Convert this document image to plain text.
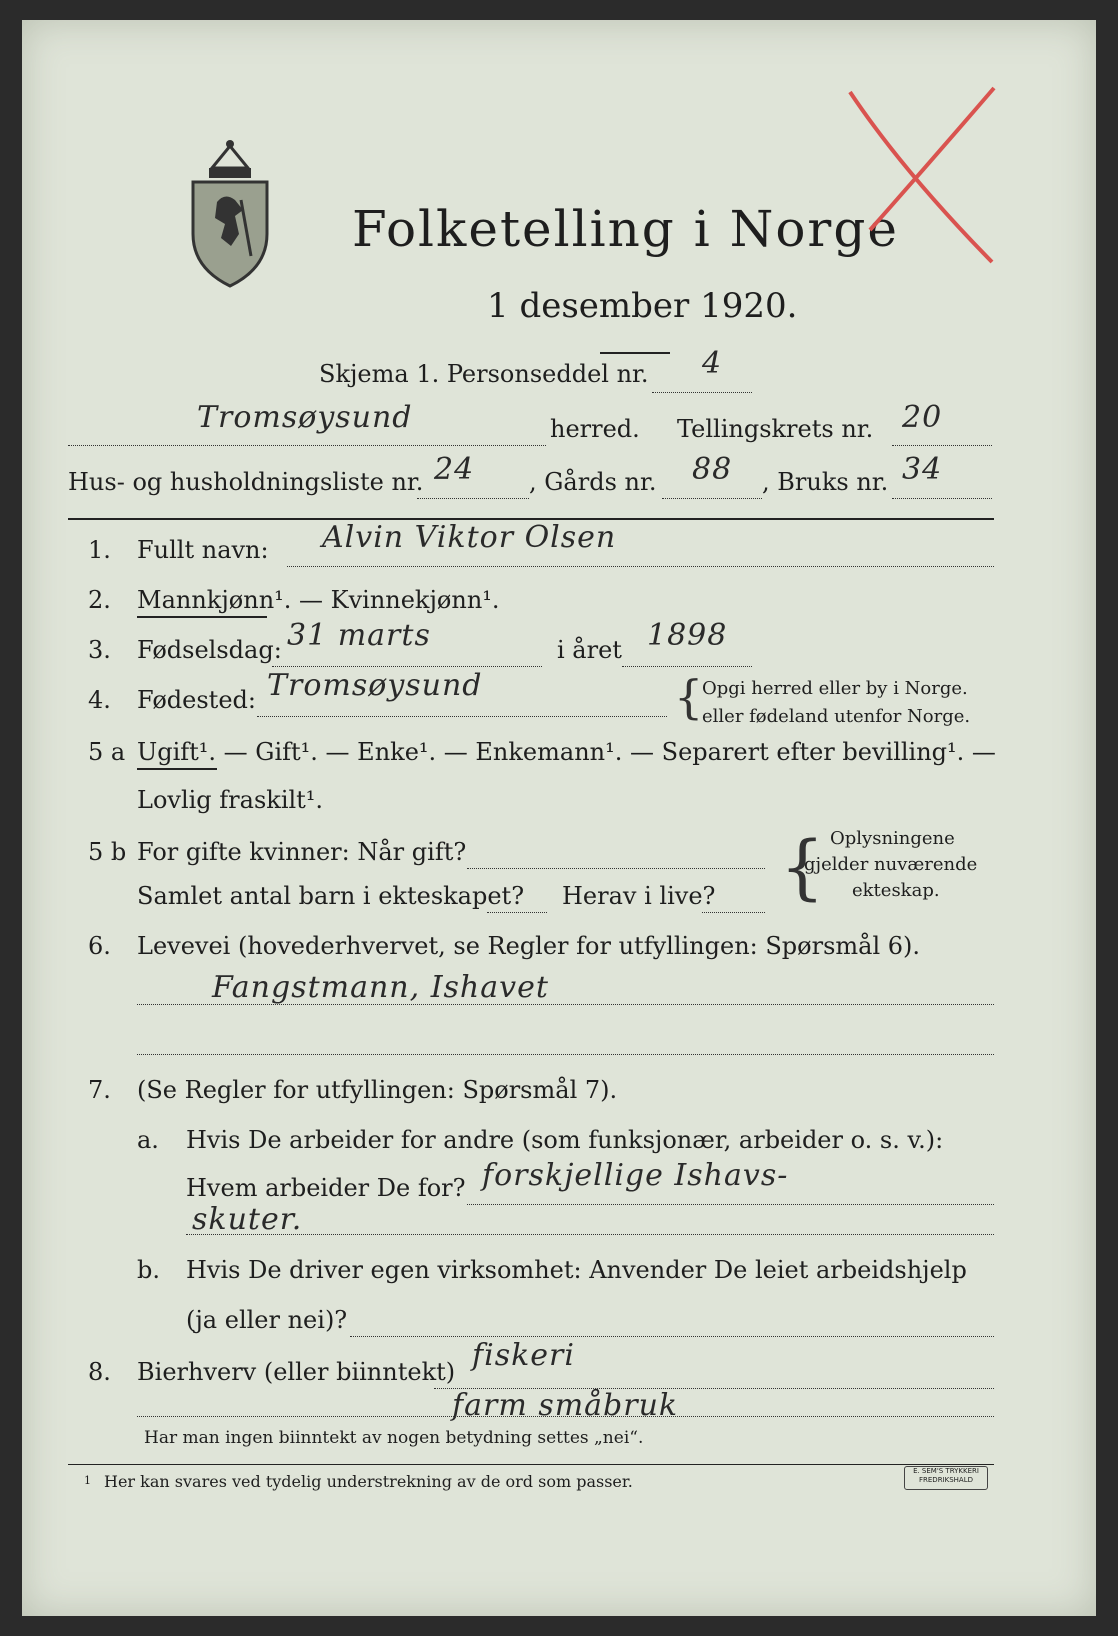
Folketelling i Norge
1 desember 1920.
Skjema 1. Personseddel nr. 4
Tromsøysund	herred. Tellingskrets nr. 20
Hus- og husholdningsliste nr. 24 , Gårds nr. 88 , Bruks nr. 34
1. Fullt navn: Alvin Viktor Olsen
2. Mannkjønn¹. — Kvinnekjønn¹.
3. Fødselsdag: 31 marts	i året 1898
4. Fødested: Tromsøysund	{
Opgi herred eller by i Norge.
eller fødeland utenfor Norge.
5 a Ugift¹. — Gift¹. — Enke¹. — Enkemann¹. — Separert efter bevilling¹. —
Lovlig fraskilt¹.
5 b For gifte kvinner: Når gift?
Samlet antal barn i ekteskapet? Herav i live? { Oplysningene
gjelder nuværende
ekteskap.
6. Levevei (hovederhvervet, se Regler for utfyllingen: Spørsmål 6).
Fangstmann, Ishavet
7. (Se Regler for utfyllingen: Spørsmål 7).
a. Hvis De arbeider for andre (som funksjonær, arbeider o. s. v.):
Hvem arbeider De for? forskjellige Ishavs-
skuter.
b. Hvis De driver egen virksomhet: Anvender De leiet arbeidshjelp
(ja eller nei)?
8. Bierhverv (eller biinntekt) fiskeri
farm småbruk
Har man ingen biinntekt av nogen betydning settes „nei“.
1 Her kan svares ved tydelig understrekning av de ord som passer.
E. SEM'S TRYKKERI FREDRIKSHALD
